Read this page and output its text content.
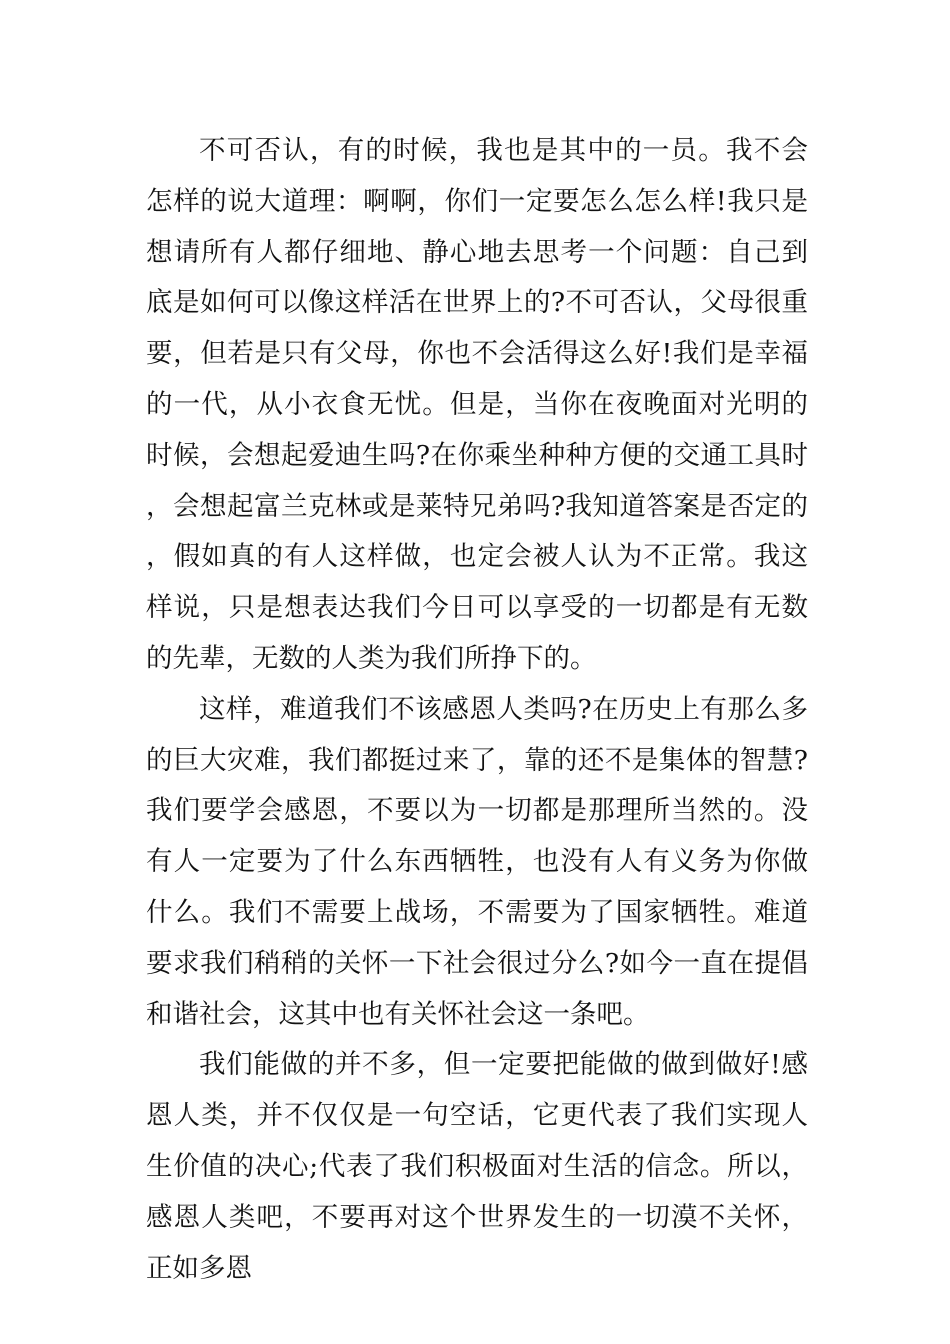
不可否认，有的时候，我也是其中的一员。我不会怎样的说大道理：啊啊，你们一定要怎么怎么样!我只是想请所有人都仔细地、静心地去思考一个问题：自己到底是如何可以像这样活在世界上的?不可否认，父母很重要，但若是只有父母，你也不会活得这么好!我们是幸福的一代，从小衣食无忧。但是，当你在夜晚面对光明的时候，会想起爱迪生吗?在你乘坐种种方便的交通工具时，会想起富兰克林或是莱特兄弟吗?我知道答案是否定的，假如真的有人这样做，也定会被人认为不正常。我这样说，只是想表达我们今日可以享受的一切都是有无数的先辈，无数的人类为我们所挣下的。

这样，难道我们不该感恩人类吗?在历史上有那么多的巨大灾难，我们都挺过来了，靠的还不是集体的智慧?我们要学会感恩，不要以为一切都是那理所当然的。没有人一定要为了什么东西牺牲，也没有人有义务为你做什么。我们不需要上战场，不需要为了国家牺牲。难道要求我们稍稍的关怀一下社会很过分么?如今一直在提倡和谐社会，这其中也有关怀社会这一条吧。

我们能做的并不多，但一定要把能做的做到做好!感恩人类，并不仅仅是一句空话，它更代表了我们实现人生价值的决心;代表了我们积极面对生活的信念。所以，感恩人类吧，不要再对这个世界发生的一切漠不关怀，正如多恩
